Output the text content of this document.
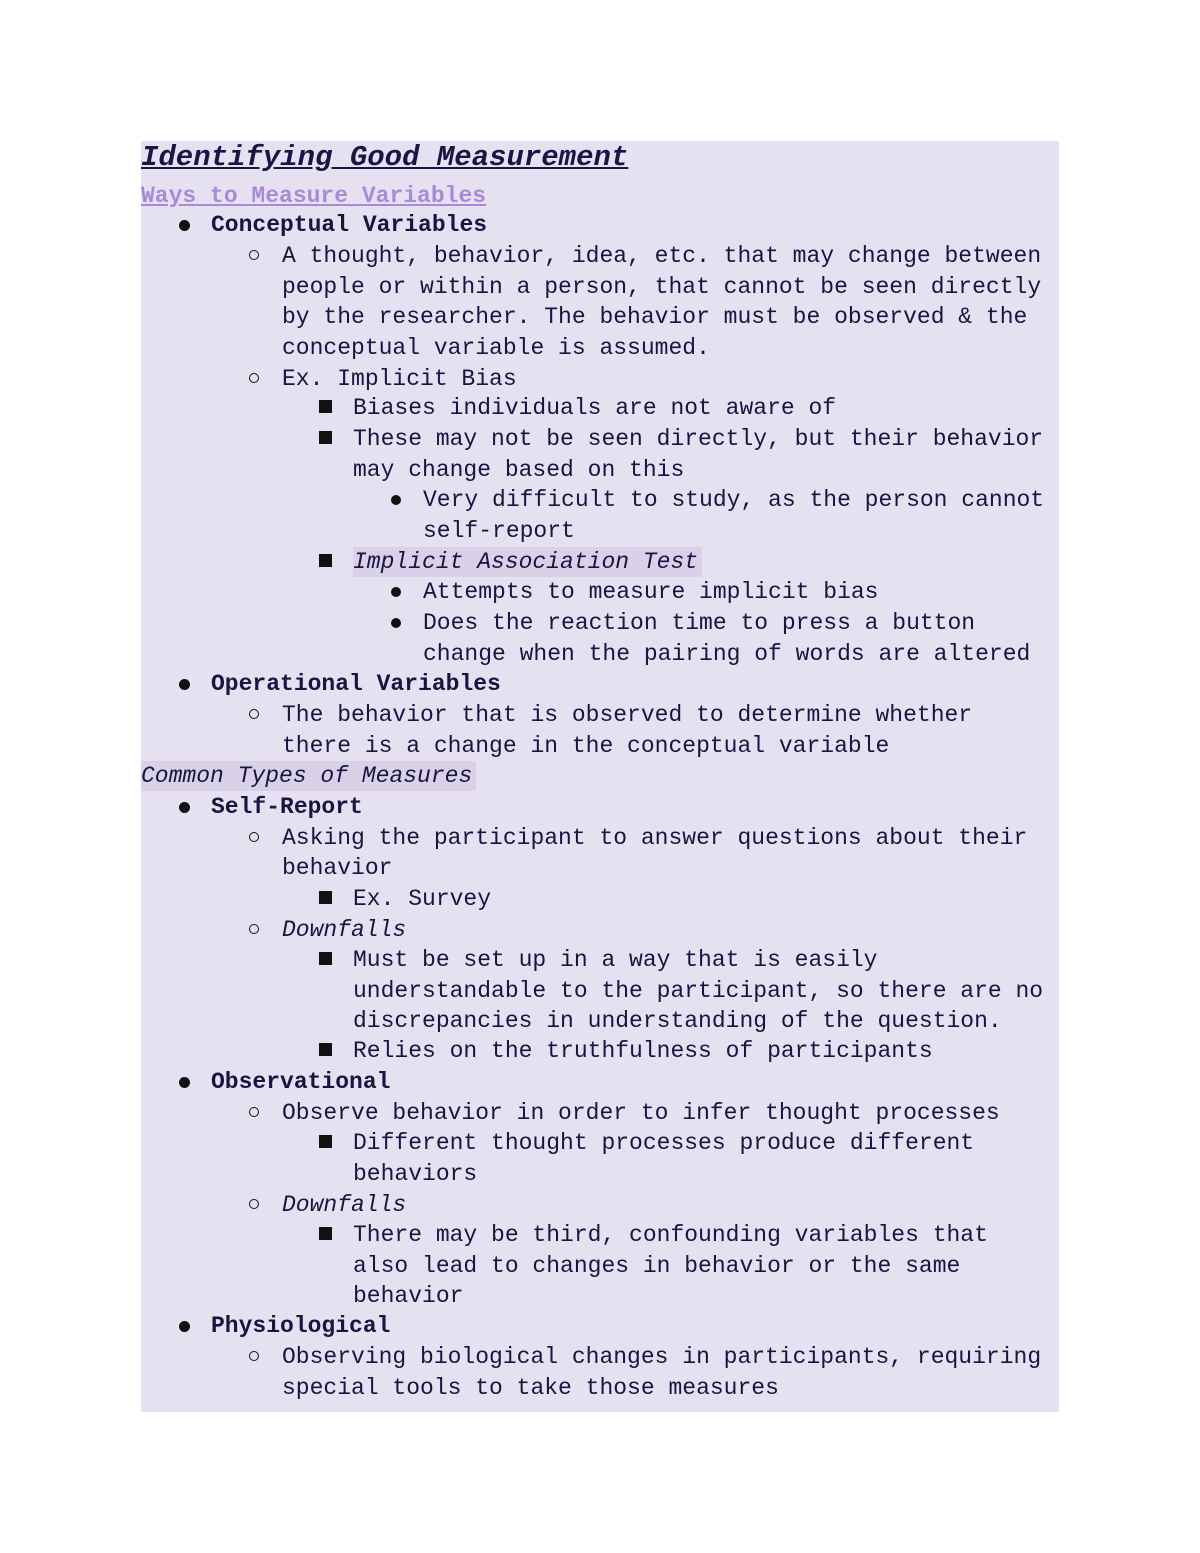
Identifying Good Measurement
Ways to Measure Variables
Conceptual Variables
A thought, behavior, idea, etc. that may change between
people or within a person, that cannot be seen directly
by the researcher. The behavior must be observed & the
conceptual variable is assumed.
Ex. Implicit Bias
Biases individuals are not aware of
These may not be seen directly, but their behavior
may change based on this
Very difficult to study, as the person cannot
self-report
Implicit Association Test
Attempts to measure implicit bias
Does the reaction time to press a button
change when the pairing of words are altered
Operational Variables
The behavior that is observed to determine whether
there is a change in the conceptual variable
Common Types of Measures
Self-Report
Asking the participant to answer questions about their
behavior
Ex. Survey
Downfalls
Must be set up in a way that is easily
understandable to the participant, so there are no
discrepancies in understanding of the question.
Relies on the truthfulness of participants
Observational
Observe behavior in order to infer thought processes
Different thought processes produce different
behaviors
Downfalls
There may be third, confounding variables that
also lead to changes in behavior or the same
behavior
Physiological
Observing biological changes in participants, requiring
special tools to take those measures
